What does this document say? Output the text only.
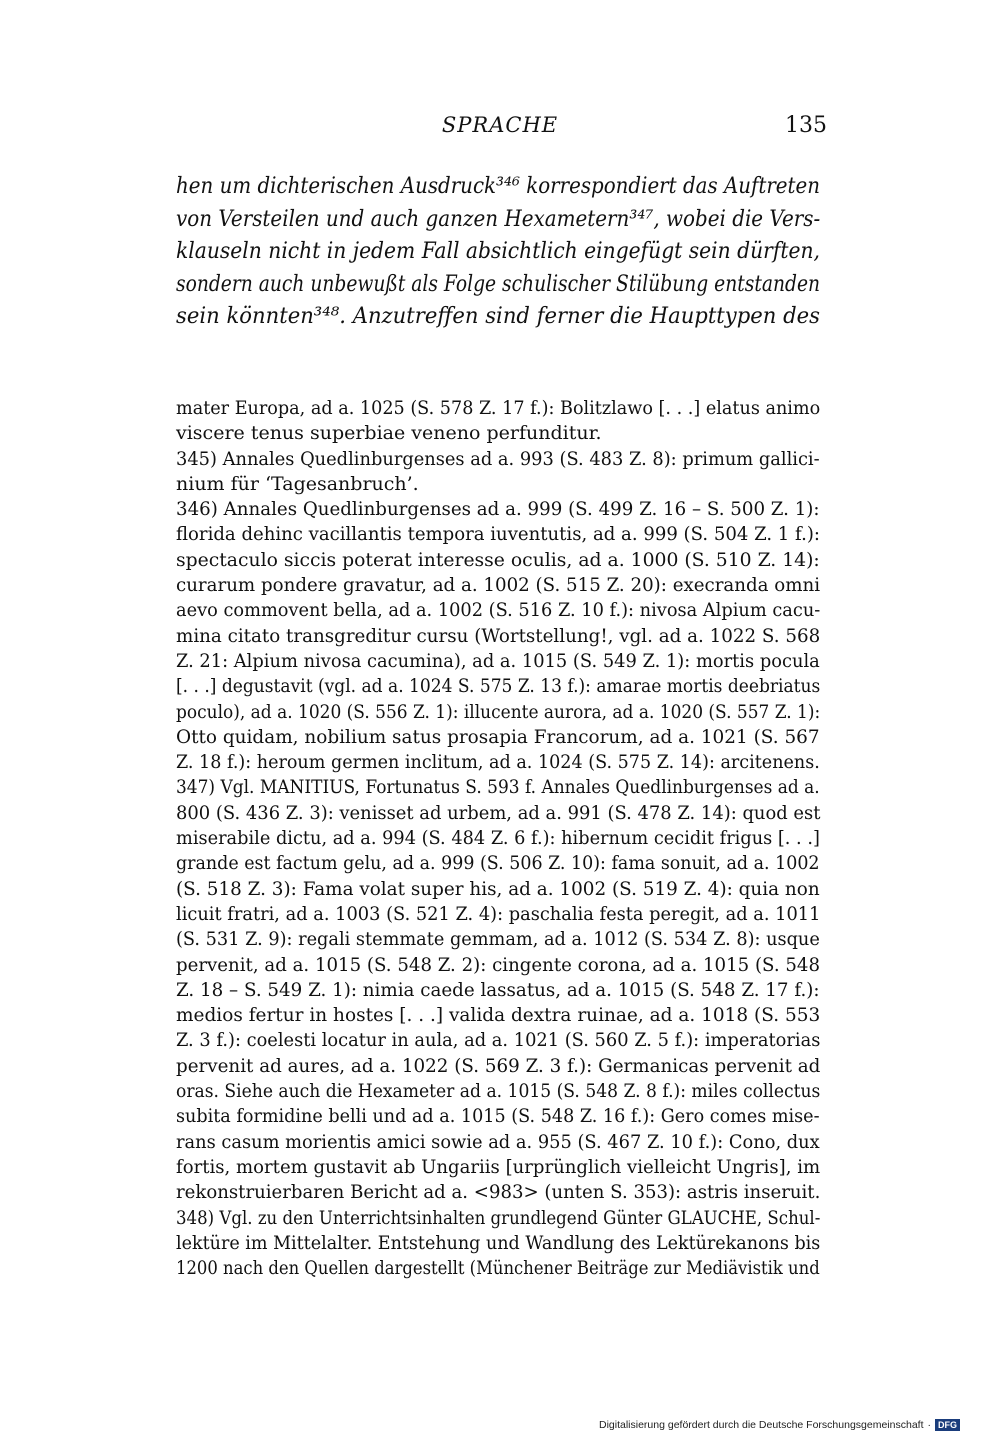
SPRACHE	135
hen um dichterischen Ausdruck³⁴⁶ korrespondiert das Auftreten
von Versteilen und auch ganzen Hexametern³⁴⁷, wobei die Vers-
klauseln nicht in jedem Fall absichtlich eingefügt sein dürften,
sondern auch unbewußt als Folge schulischer Stilübung entstanden
sein könnten³⁴⁸. Anzutreffen sind ferner die Haupttypen des
mater Europa, ad a. 1025 (S. 578 Z. 17 f.): Bolitzlawo [. . .] elatus animo
viscere tenus superbiae veneno perfunditur.
345) Annales Quedlinburgenses ad a. 993 (S. 483 Z. 8): primum gallici-
nium für ‘Tagesanbruch’.
346) Annales Quedlinburgenses ad a. 999 (S. 499 Z. 16 – S. 500 Z. 1):
florida dehinc vacillantis tempora iuventutis, ad a. 999 (S. 504 Z. 1 f.):
spectaculo siccis poterat interesse oculis, ad a. 1000 (S. 510 Z. 14):
curarum pondere gravatur, ad a. 1002 (S. 515 Z. 20): execranda omni
aevo commovent bella, ad a. 1002 (S. 516 Z. 10 f.): nivosa Alpium cacu-
mina citato transgreditur cursu (Wortstellung!, vgl. ad a. 1022 S. 568
Z. 21: Alpium nivosa cacumina), ad a. 1015 (S. 549 Z. 1): mortis pocula
[. . .] degustavit (vgl. ad a. 1024 S. 575 Z. 13 f.): amarae mortis deebriatus
poculo), ad a. 1020 (S. 556 Z. 1): illucente aurora, ad a. 1020 (S. 557 Z. 1):
Otto quidam, nobilium satus prosapia Francorum, ad a. 1021 (S. 567
Z. 18 f.): heroum germen inclitum, ad a. 1024 (S. 575 Z. 14): arcitenens.
347) Vgl. MANITIUS, Fortunatus S. 593 f. Annales Quedlinburgenses ad a.
800 (S. 436 Z. 3): venisset ad urbem, ad a. 991 (S. 478 Z. 14): quod est
miserabile dictu, ad a. 994 (S. 484 Z. 6 f.): hibernum cecidit frigus [. . .]
grande est factum gelu, ad a. 999 (S. 506 Z. 10): fama sonuit, ad a. 1002
(S. 518 Z. 3): Fama volat super his, ad a. 1002 (S. 519 Z. 4): quia non
licuit fratri, ad a. 1003 (S. 521 Z. 4): paschalia festa peregit, ad a. 1011
(S. 531 Z. 9): regali stemmate gemmam, ad a. 1012 (S. 534 Z. 8): usque
pervenit, ad a. 1015 (S. 548 Z. 2): cingente corona, ad a. 1015 (S. 548
Z. 18 – S. 549 Z. 1): nimia caede lassatus, ad a. 1015 (S. 548 Z. 17 f.):
medios fertur in hostes [. . .] valida dextra ruinae, ad a. 1018 (S. 553
Z. 3 f.): coelesti locatur in aula, ad a. 1021 (S. 560 Z. 5 f.): imperatorias
pervenit ad aures, ad a. 1022 (S. 569 Z. 3 f.): Germanicas pervenit ad
oras. Siehe auch die Hexameter ad a. 1015 (S. 548 Z. 8 f.): miles collectus
subita formidine belli und ad a. 1015 (S. 548 Z. 16 f.): Gero comes mise-
rans casum morientis amici sowie ad a. 955 (S. 467 Z. 10 f.): Cono, dux
fortis, mortem gustavit ab Ungariis [urprünglich vielleicht Ungris], im
rekonstruierbaren Bericht ad a. <983> (unten S. 353): astris inseruit.
348) Vgl. zu den Unterrichtsinhalten grundlegend Günter GLAUCHE, Schul-
lektüre im Mittelalter. Entstehung und Wandlung des Lektürekanons bis
1200 nach den Quellen dargestellt (Münchener Beiträge zur Mediävistik und
Digitalisierung gefördert durch die Deutsche Forschungsgemeinschaft · DFG
